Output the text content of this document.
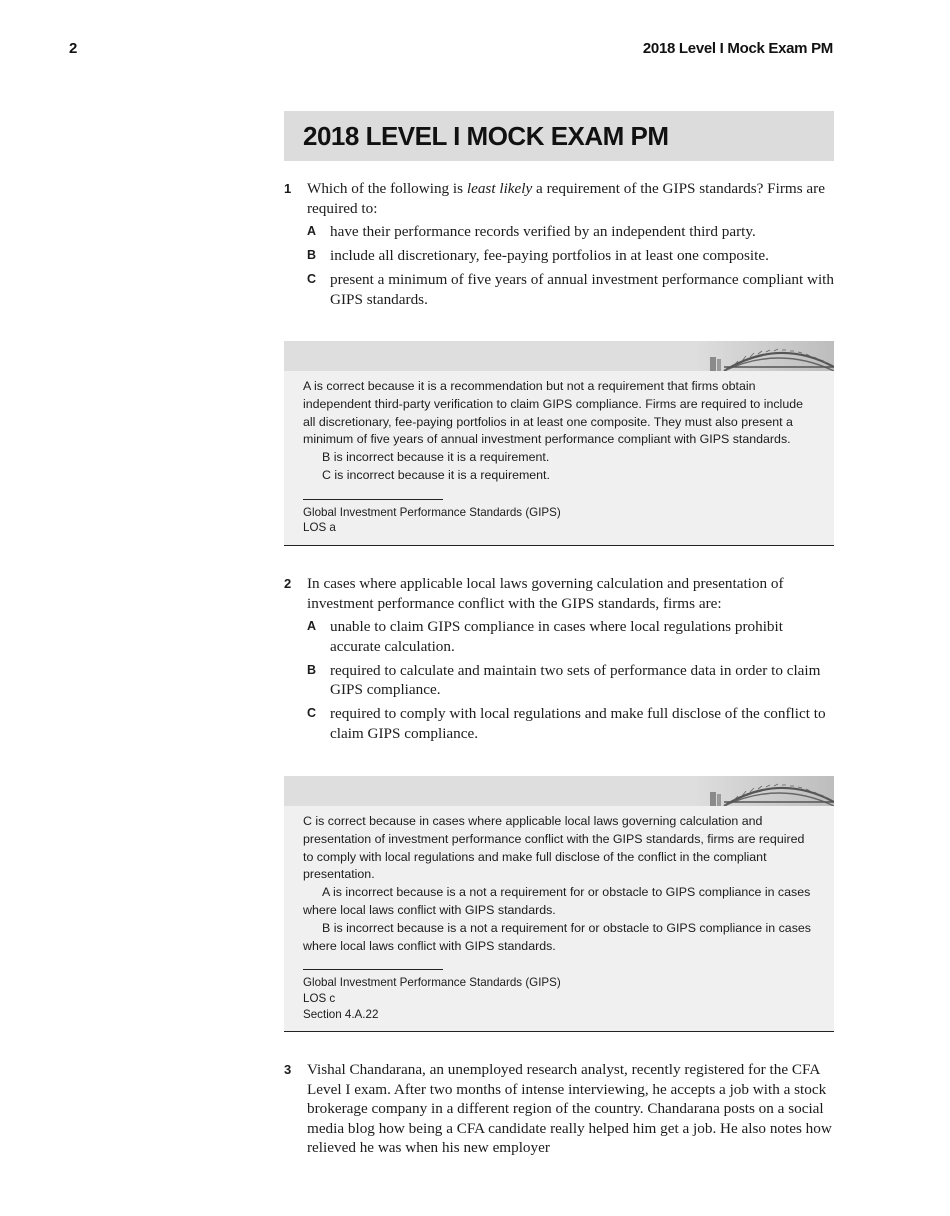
2	2018 Level I Mock Exam PM
2018 LEVEL I MOCK EXAM PM
1 Which of the following is least likely a requirement of the GIPS standards? Firms are required to:

A have their performance records verified by an independent third party.
B include all discretionary, fee-paying portfolios in at least one composite.
C present a minimum of five years of annual investment performance compliant with GIPS standards.

A is correct because it is a recommendation but not a requirement that firms obtain independent third-party verification to claim GIPS compliance. Firms are required to include all discretionary, fee-paying portfolios in at least one composite. They must also present a minimum of five years of annual investment performance compliant with GIPS standards.

B is incorrect because it is a requirement.

C is incorrect because it is a requirement.

Global Investment Performance Standards (GIPS)
LOS a
2 In cases where applicable local laws governing calculation and presentation of investment performance conflict with the GIPS standards, firms are:

A unable to claim GIPS compliance in cases where local regulations prohibit accurate calculation.
B required to calculate and maintain two sets of performance data in order to claim GIPS compliance.
C required to comply with local regulations and make full disclose of the conflict to claim GIPS compliance.

C is correct because in cases where applicable local laws governing calculation and presentation of investment performance conflict with the GIPS standards, firms are required to comply with local regulations and make full disclose of the conflict in the compliant presentation.

A is incorrect because is a not a requirement for or obstacle to GIPS compliance in cases where local laws conflict with GIPS standards.

B is incorrect because is a not a requirement for or obstacle to GIPS compliance in cases where local laws conflict with GIPS standards.

Global Investment Performance Standards (GIPS)
LOS c
Section 4.A.22
3 Vishal Chandarana, an unemployed research analyst, recently registered for the CFA Level I exam. After two months of intense interviewing, he accepts a job with a stock brokerage company in a different region of the country. Chandarana posts on a social media blog how being a CFA candidate really helped him get a job. He also notes how relieved he was when his new employer
